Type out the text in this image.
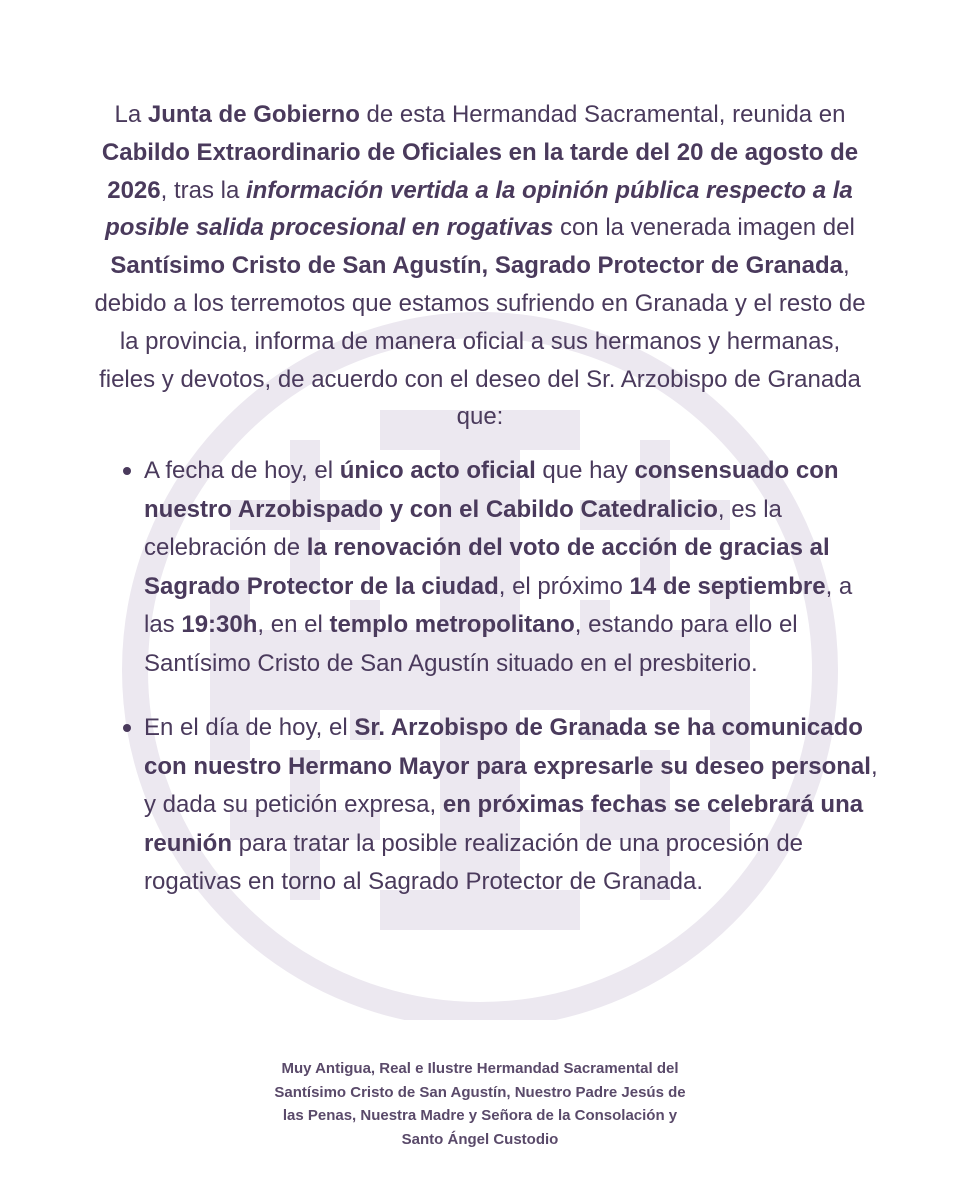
La Junta de Gobierno de esta Hermandad Sacramental, reunida en Cabildo Extraordinario de Oficiales en la tarde del 20 de agosto de 2026, tras la información vertida a la opinión pública respecto a la posible salida procesional en rogativas con la venerada imagen del Santísimo Cristo de San Agustín, Sagrado Protector de Granada, debido a los terremotos que estamos sufriendo en Granada y el resto de la provincia, informa de manera oficial a sus hermanos y hermanas, fieles y devotos, de acuerdo con el deseo del Sr. Arzobispo de Granada que:

A fecha de hoy, el único acto oficial que hay consensuado con nuestro Arzobispado y con el Cabildo Catedralicio, es la celebración de la renovación del voto de acción de gracias al Sagrado Protector de la ciudad, el próximo 14 de septiembre, a las 19:30h, en el templo metropolitano, estando para ello el Santísimo Cristo de San Agustín situado en el presbiterio.
En el día de hoy, el Sr. Arzobispo de Granada se ha comunicado con nuestro Hermano Mayor para expresarle su deseo personal, y dada su petición expresa, en próximas fechas se celebrará una reunión para tratar la posible realización de una procesión de rogativas en torno al Sagrado Protector de Granada.

Muy Antigua, Real e Ilustre Hermandad Sacramental del
Santísimo Cristo de San Agustín, Nuestro Padre Jesús de
las Penas, Nuestra Madre y Señora de la Consolación y
Santo Ángel Custodio
